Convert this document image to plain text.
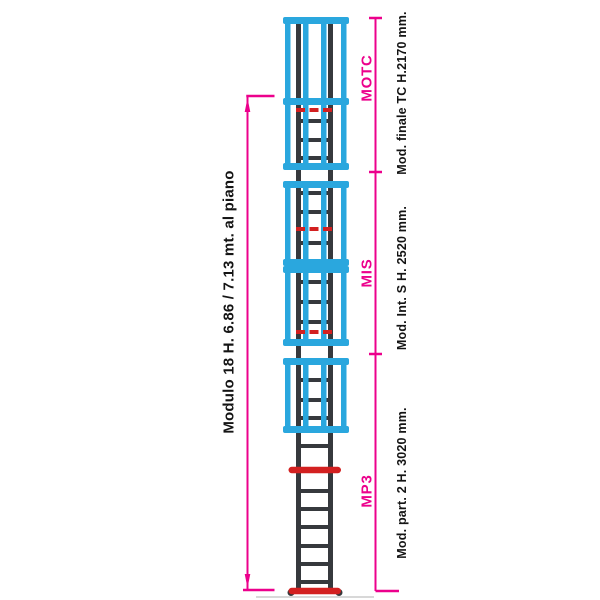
Modulo 18 H. 6.86 / 7.13 mt. al piano
MOTC Mod. finale TC H.2170 mm.
MIS Mod. Int. S H. 2520 mm.
MP3 Mod. part. 2 H. 3020 mm.
